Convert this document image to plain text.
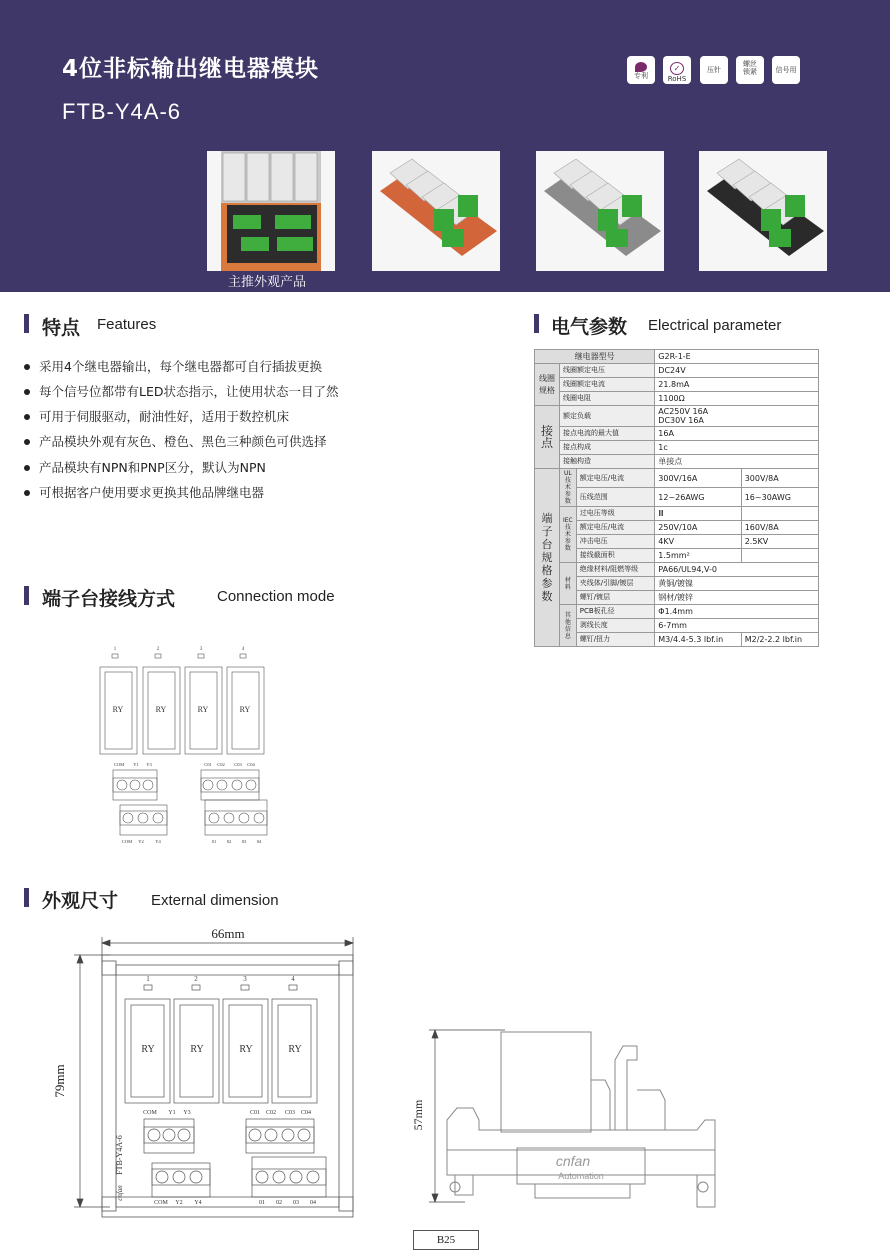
4位非标输出继电器模块
FTB-Y4A-6
专利
✓
RoHS
压针
螺丝锁紧	信号用
主推外观产品
特点 Features
采用4个继电器输出，每个继电器都可自行插拔更换
每个信号位都带有LED状态指示，让使用状态一目了然
可用于伺服驱动，耐油性好，适用于数控机床
产品模块外观有灰色、橙色、黑色三种颜色可供选择
产品模块有NPN和PNP区分，默认为NPN
可根据客户使用要求更换其他品牌继电器
电气参数 Electrical parameter
继电器型号			G2R-1-E	
线圈规格	线圈额定电压		DC24V	
	线圈额定电流		21.8mA	
	线圈电阻		1100Ω	
接点	额定负载		AC250V 16A
DC30V 16A	
	接点电流的最大值		16A	
	接点构成		1c	
	接触构造		单接点	
端子台规格参数	UL技术参数	额定电压/电流	300V/16A	300V/8A
		压线范围	12~26AWG	16~30AWG
	IEC技术参数	过电压等级	Ⅲ	
		额定电压/电流	250V/10A	160V/8A
		冲击电压	4KV	2.5KV
		接线截面积	1.5mm²	
	材料	绝缘材料/阻燃等级	PA66/UL94,V-0	
		夹线体/引脚/镀层	黄铜/镀镍	
		螺钉/镀层	钢材/镀锌	
	其他信息	PCB板孔径	Φ1.4mm	
		剥线长度	6-7mm	
		螺钉/扭力	M3/4.4-5.3 lbf.in	M2/2-2.2 lbf.in
端子台接线方式	Connection mode
1	2	3	4
RY	RY	RY	RY
COM Y1 Y3	C01 C02 C03 C04
COM Y2	Y4	01 02 03 04
外观尺寸 External dimension
66mm
79mm
1	2	3	4
RY	RY	RY	RY
COM Y1 Y3	C01 C02 C03 C04
COM Y2 Y4	01 02 03 04
FTB-Y4A-6
cnfan
57mm
cnfan
Automation
B25
